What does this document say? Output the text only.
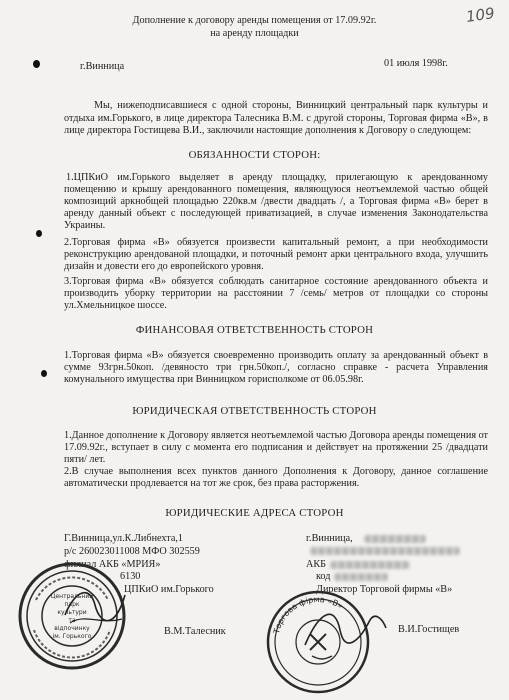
109
Дополнение к договору аренды помещения от 17.09.92г.
на аренду площадки
г.Винница	01 июля 1998г.
Мы, нижеподписавшиеся с одной стороны, Винницкий центральный парк культуры и отдыха им.Горького, в лице директора Талесника В.М. с другой стороны, Торговая фирма «В», в лице директора Гостищева В.И., заключили настоящие дополнения к Договору о следующем:
ОБЯЗАННОСТИ СТОРОН:
1.ЦПКиО им.Горького выделяет в аренду площадку, прилегающую к арендованному помещению и крышу арендованного помещения, являющуюся неотъемлемой частью общей композиций аркнобщей площадью 220кв.м /двести двадцать /, а Торговая фирма «В» берет в аренду данный объект с последующей приватизацией, в случае изменения Законодательства Украины.
2.Торговая фирма «В» обязуется произвести капитальный ремонт, а при необходимости реконструкцию арендованой площадки, и поточный ремонт арки центрального входа, улучшить дизайн и довести его до европейского уровня.
3.Торговая фирма «В» обязуется соблюдать санитарное состояние арендованного объекта и производить уборку территории на расстоянии 7 /семь/ метров от площадки со стороны ул.Хмельницкое шоссе.
ФИНАНСОВАЯ ОТВЕТСТВЕННОСТЬ СТОРОН
1.Торговая фирма «В» обязуется своевременно производить оплату за арендованный объект в сумме 93грн.50коп. /девяносто три грн.50коп./, согласно справке - расчета Управления комунального имущества при Винницком горисполкоме от 06.05.98г.
ЮРИДИЧЕСКАЯ ОТВЕТСТВЕННОСТЬ СТОРОН
1.Данное дополнение к Договору является неотъемлемой частью Договора аренды помещения от 17.09.92г., вступает в силу с момента его подписания и действует на протяжении 25 /двадцати пяти/ лет.
2.В случае выполнения всех пунктов данного Дополнения к Договору, данное соглашение автоматически продлевается на тот же срок, без права расторжения.
ЮРИДИЧЕСКИЕ АДРЕСА СТОРОН
Г.Винница,ул.К.Либнехта,1
р/с 260023011008 МФО 302559
филиал АКБ «МРИЯ»
6130
ЦПКиО им.Горького
г.Винница,
АКБ
код
Директор Торговой фирмы «В»
Центральний
парк
культури
та
відпочинку
ім. Горького	В.М.Талесник	Торгова фірма «В»
В.И.Гостищев
